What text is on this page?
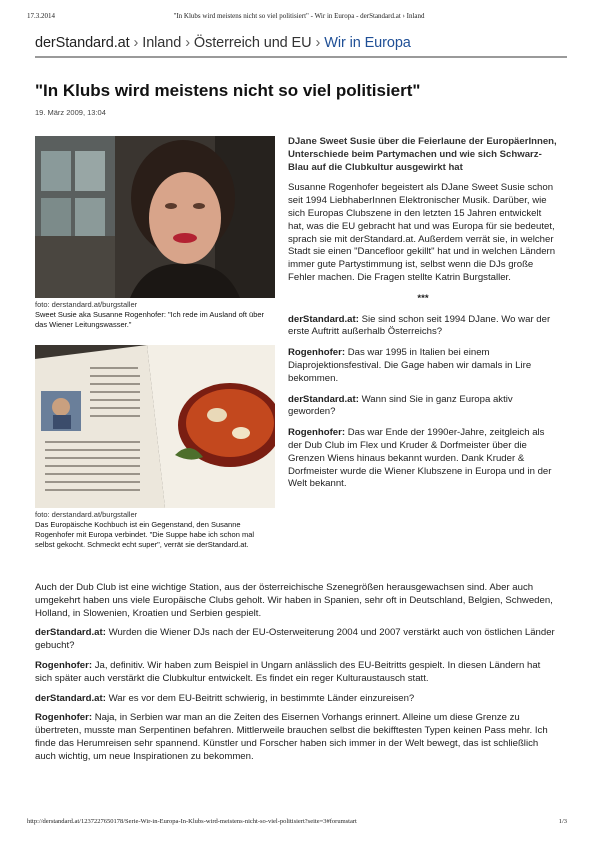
17.3.2014	"In Klubs wird meistens nicht so viel politisiert" - Wir in Europa - derStandard.at › Inland
derStandard.at › Inland › Österreich und EU › Wir in Europa
"In Klubs wird meistens nicht so viel politisiert"
19. März 2009, 13:04
foto: derstandard.at/burgstaller
Sweet Susie aka Susanne Rogenhofer: "Ich rede im Ausland oft über das Wiener Leitungswasser."
foto: derstandard.at/burgstaller
Das Europäische Kochbuch ist ein Gegenstand, den Susanne Rogenhofer mit Europa verbindet. "Die Suppe habe ich schon mal selbst gekocht. Schmeckt echt super", verrät sie derStandard.at.

DJane Sweet Susie über die Feierlaune der EuropäerInnen, Unterschiede beim Partymachen und wie sich Schwarz-Blau auf die Clubkultur ausgewirkt hat

Susanne Rogenhofer begeistert als DJane Sweet Susie schon seit 1994 LiebhaberInnen Elektronischer Musik. Darüber, wie sich Europas Clubszene in den letzten 15 Jahren entwickelt hat, was die EU gebracht hat und was Europa für sie bedeutet, sprach sie mit derStandard.at. Außerdem verrät sie, in welcher Stadt sie einen "Dancefloor gekillt" hat und in welchen Ländern immer gute Partystimmung ist, selbst wenn die DJs große Fehler machen. Die Fragen stellte Katrin Burgstaller.

***

derStandard.at: Sie sind schon seit 1994 DJane. Wo war der erste Auftritt außerhalb Österreichs?

Rogenhofer: Das war 1995 in Italien bei einem Diaprojektionsfestival. Die Gage haben wir damals in Lire bekommen.

derStandard.at: Wann sind Sie in ganz Europa aktiv geworden?

Rogenhofer: Das war Ende der 1990er-Jahre, zeitgleich als der Dub Club im Flex und Kruder & Dorfmeister über die Grenzen Wiens hinaus bekannt wurden. Dank Kruder & Dorfmeister wurde die Wiener Klubszene in Europa und in der Welt bekannt.

Auch der Dub Club ist eine wichtige Station, aus der österreichische Szenegrößen herausgewachsen sind. Aber auch umgekehrt haben uns viele Europäische Clubs geholt. Wir haben in Spanien, sehr oft in Deutschland, Belgien, Schweden, Holland, in Slowenien, Kroatien und Serbien gespielt.

derStandard.at: Wurden die Wiener DJs nach der EU-Osterweiterung 2004 und 2007 verstärkt auch von östlichen Länder gebucht?

Rogenhofer: Ja, definitiv. Wir haben zum Beispiel in Ungarn anlässlich des EU-Beitritts gespielt. In diesen Ländern hat sich später auch verstärkt die Clubkultur entwickelt. Es findet ein reger Kulturaustausch statt.

derStandard.at: War es vor dem EU-Beitritt schwierig, in bestimmte Länder einzureisen?

Rogenhofer: Naja, in Serbien war man an die Zeiten des Eisernen Vorhangs erinnert. Alleine um diese Grenze zu übertreten, musste man Serpentinen befahren. Mittlerweile brauchen selbst die bekifftesten Typen keinen Pass mehr. Ich finde das Herumreisen sehr spannend. Künstler und Forscher haben sich immer in der Welt bewegt, das ist schließlich auch wichtig, um neue Inspirationen zu bekommen.

http://derstandard.at/1237227650178/Serie-Wir-in-Europa-In-Klubs-wird-meistens-nicht-so-viel-politisiert?seite=3#forumstart	1/3
